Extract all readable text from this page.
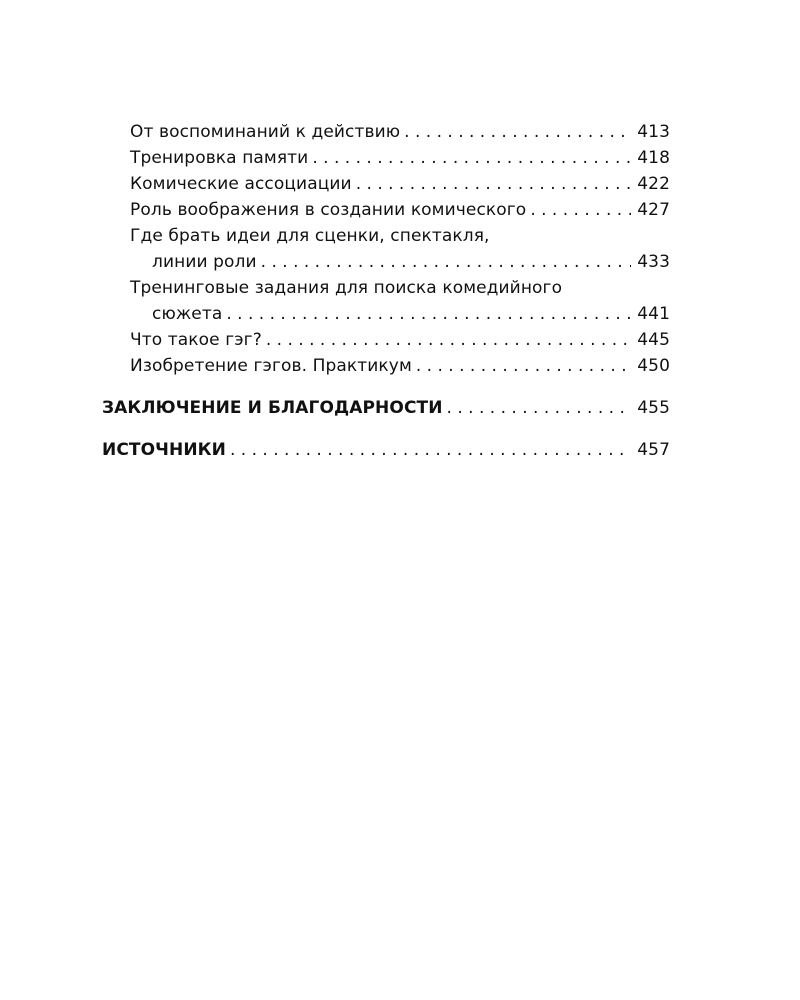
От воспоминаний к действию . . .	413
Тренировка памяти . . .	418
Комические ассоциации . . .	422
Роль воображения в создании комического . . .	427
Где брать идеи для сценки, спектакля,
линии роли . . .	433
Тренинговые задания для поиска комедийного
сюжета . . .	441
Что такое гэг? . . .	445
Изобретение гэгов. Практикум . . .	450
ЗАКЛЮЧЕНИЕ И БЛАГОДАРНОСТИ . . .	455
ИСТОЧНИКИ . . .	457
